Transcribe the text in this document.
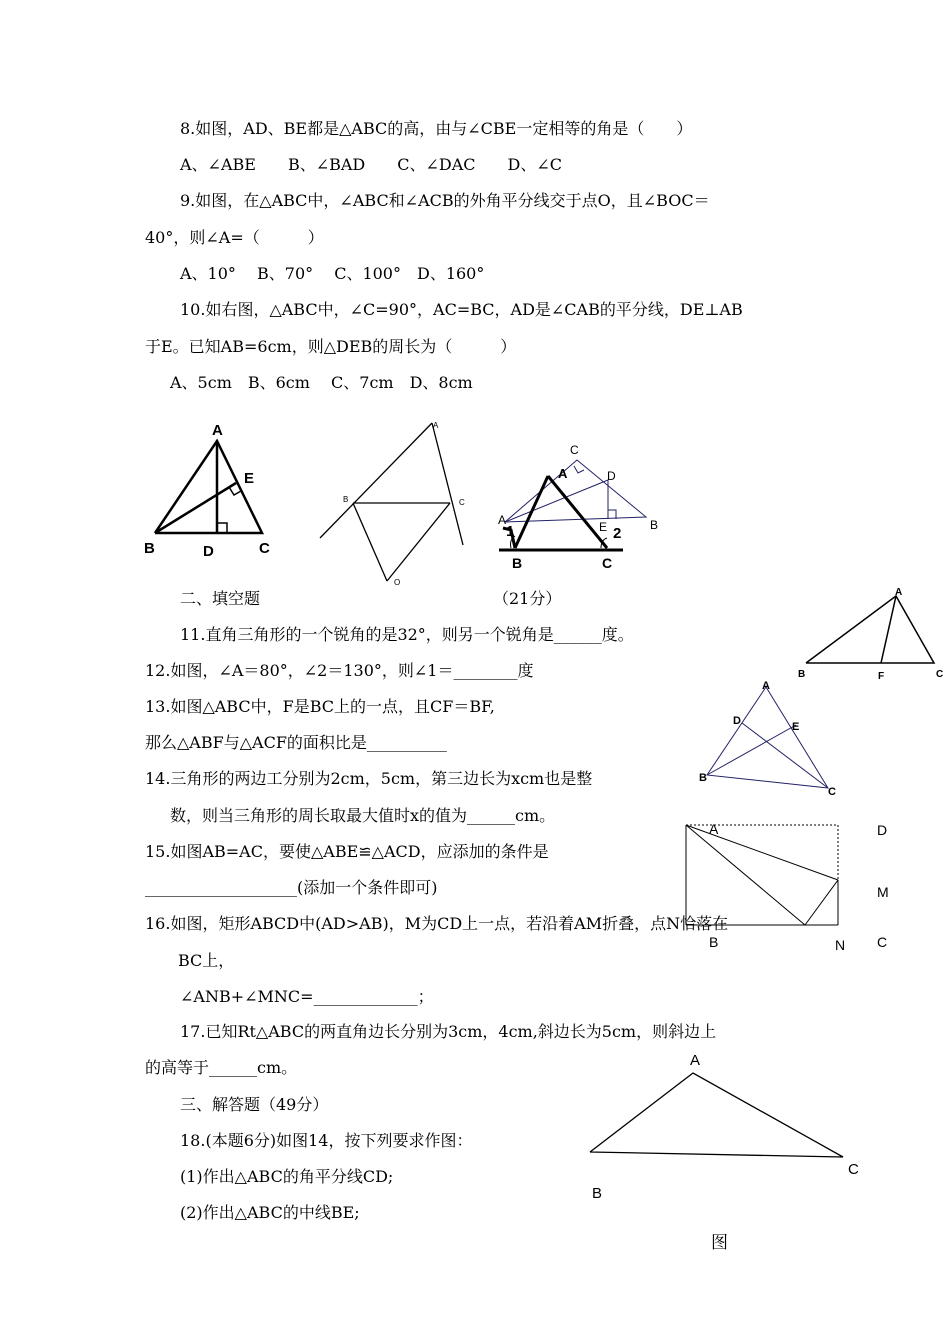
8.如图，AD、BE都是△ABC的高，由与∠CBE一定相等的角是（　　）
A、∠ABE　　B、∠BAD　　C、∠DAC　　D、∠C
9.如图，在△ABC中，∠ABC和∠ACB的外角平分线交于点O，且∠BOC＝
40°，则∠A=（　　　）
A、10°　 B、70°　 C、100°　D、160°
10.如右图，△ABC中，∠C=90°，AC=BC，AD是∠CAB的平分线，DE⊥AB
于E。已知AB=6cm，则△DEB的周长为（　　　）
A、5cm　B、6cm　 C、7cm　D、8cm
A
E
B	D	C
A
B	C
O
C
A	D
A	E	B
1	2
B	C
二、填空题	（21分）	A
B	F	C
11.直角三角形的一个锐角的是32°，则另一个锐角是______度。
12.如图，∠A＝80°，∠2＝130°，则∠1＝________度
13.如图△ABC中，F是BC上的一点，且CF＝BF,
那么△ABF与△ACF的面积比是__________
A
D	E
B
C
14.三角形的两边工分别为2cm，5cm，第三边长为xcm也是整
数，则当三角形的周长取最大值时x的值为______cm。
15.如图AB=AC，要使△ABE≌△ACD，应添加的条件是
___________________(添加一个条件即可)
A	D
M
B	N C
16.如图，矩形ABCD中(AD>AB)，M为CD上一点，若沿着AM折叠，点N恰落在
BC上，
∠ANB+∠MNC=_____________；
17.已知Rt△ABC的两直角边长分别为3cm，4cm,斜边长为5cm，则斜边上
的高等于______cm。
三、解答题（49分）
18.(本题6分)如图14，按下列要求作图：
(1)作出△ABC的角平分线CD;
(2)作出△ABC的中线BE;
A
B
C
图
